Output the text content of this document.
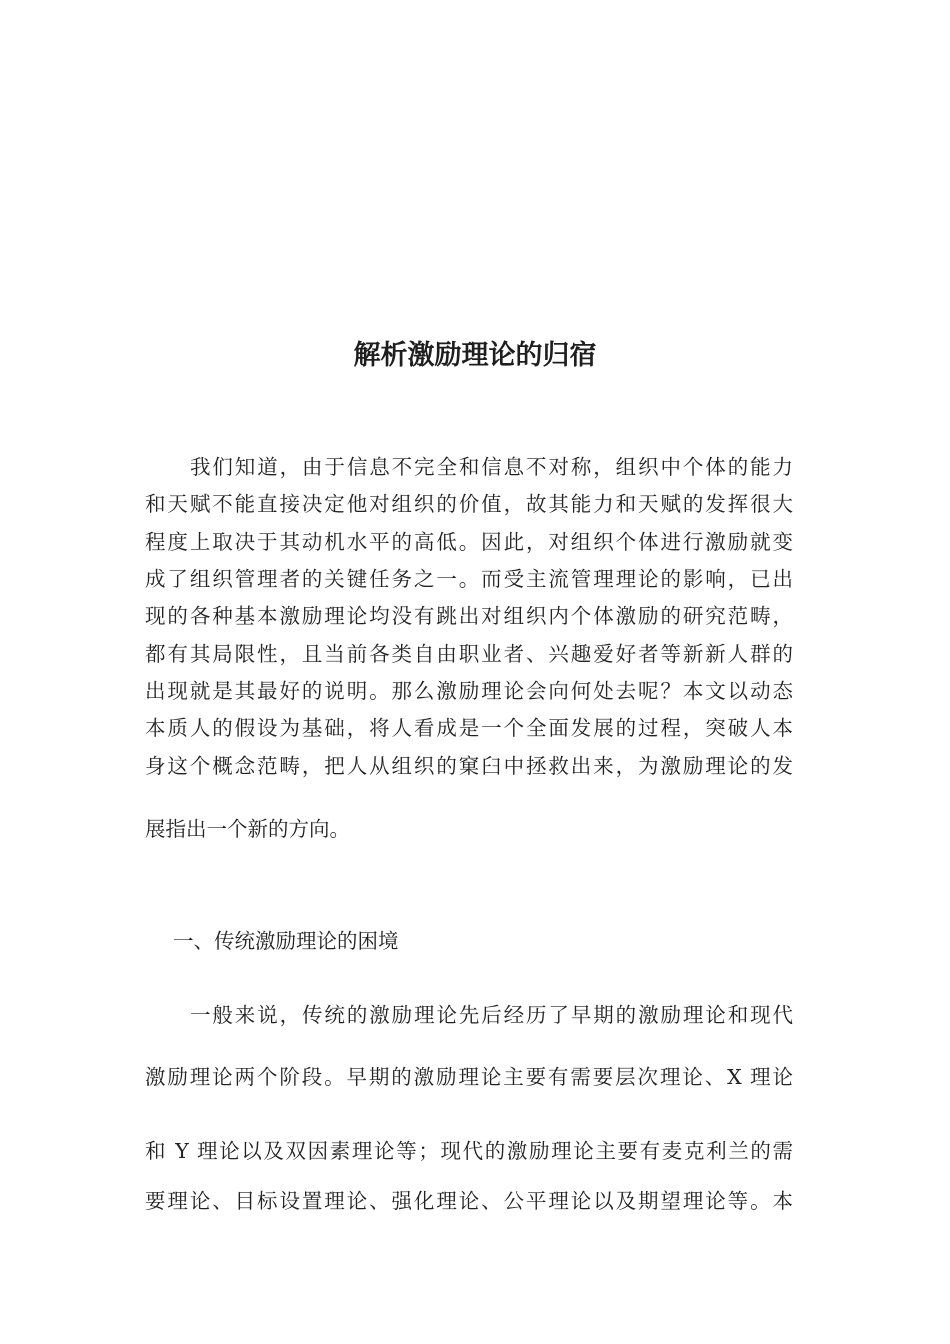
解析激励理论的归宿
我们知道，由于信息不完全和信息不对称，组织中个体的能力
和天赋不能直接决定他对组织的价值，故其能力和天赋的发挥很大
程度上取决于其动机水平的高低。因此，对组织个体进行激励就变
成了组织管理者的关键任务之一。而受主流管理理论的影响，已出
现的各种基本激励理论均没有跳出对组织内个体激励的研究范畴，
都有其局限性，且当前各类自由职业者、兴趣爱好者等新新人群的
出现就是其最好的说明。那么激励理论会向何处去呢？本文以动态
本质人的假设为基础，将人看成是一个全面发展的过程，突破人本
身这个概念范畴，把人从组织的窠臼中拯救出来，为激励理论的发
展指出一个新的方向。
一、传统激励理论的困境
一般来说，传统的激励理论先后经历了早期的激励理论和现代
激励理论两个阶段。早期的激励理论主要有需要层次理论、X 理论
和 Y 理论以及双因素理论等；现代的激励理论主要有麦克利兰的需
要理论、目标设置理论、强化理论、公平理论以及期望理论等。本
